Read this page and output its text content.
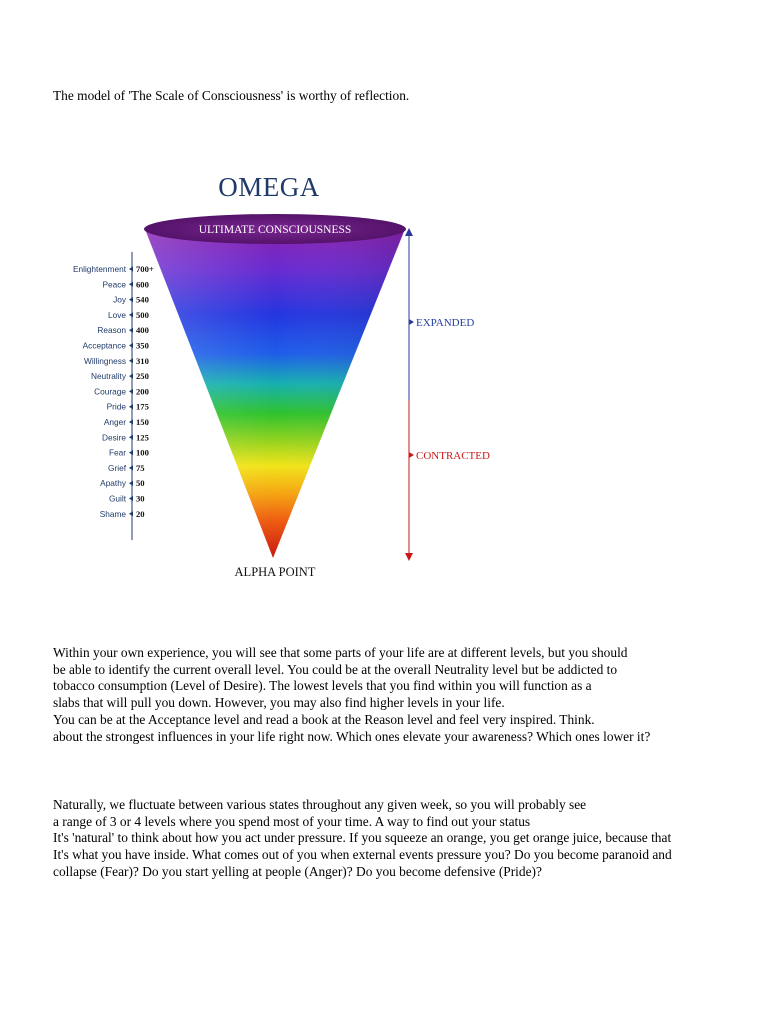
The model of 'The Scale of Consciousness' is worthy of reflection.

OMEGA
ULTIMATE CONSCIOUSNESS
ALPHA POINT
Enlightenment 700+
Peace 600
Joy 540
Love 500
Reason 400
Acceptance 350
Willingness 310
Neutrality 250
Courage 200
Pride 175
Anger 150
Desire 125
Fear 100
Grief 75
Apathy 50
Guilt 30
Shame 20
EXPANDED
CONTRACTED
Within your own experience, you will see that some parts of your life are at different levels, but you should
be able to identify the current overall level. You could be at the overall Neutrality level but be addicted to
tobacco consumption (Level of Desire). The lowest levels that you find within you will function as a
slabs that will pull you down. However, you may also find higher levels in your life.
You can be at the Acceptance level and read a book at the Reason level and feel very inspired. Think.
about the strongest influences in your life right now. Which ones elevate your awareness? Which ones lower it?
Naturally, we fluctuate between various states throughout any given week, so you will probably see
a range of 3 or 4 levels where you spend most of your time. A way to find out your status
It's 'natural' to think about how you act under pressure. If you squeeze an orange, you get orange juice, because that
It's what you have inside. What comes out of you when external events pressure you? Do you become paranoid and
collapse (Fear)? Do you start yelling at people (Anger)? Do you become defensive (Pride)?
